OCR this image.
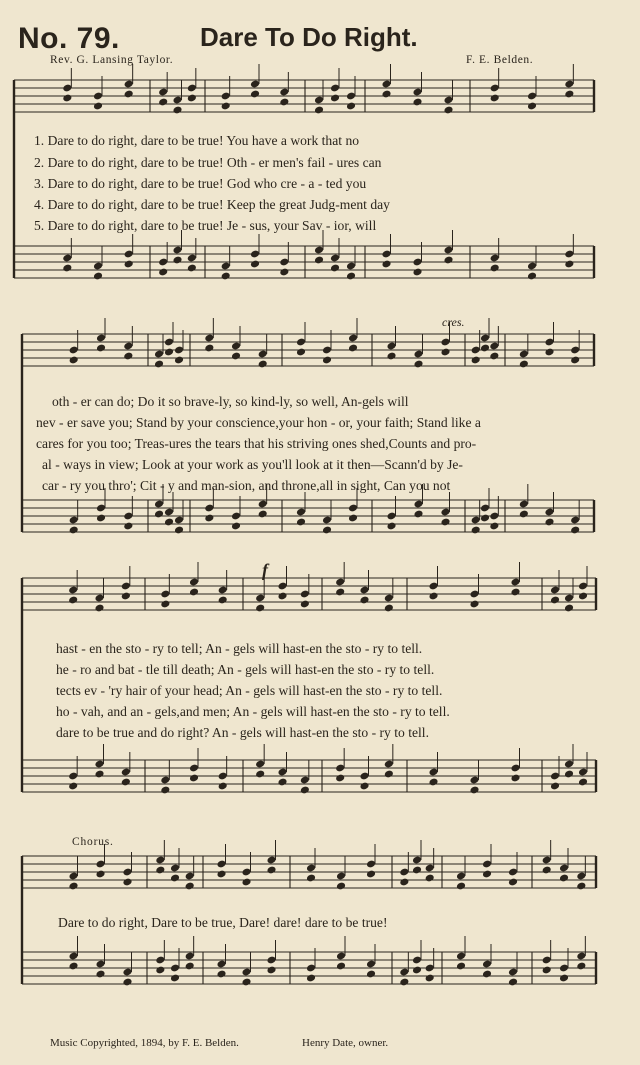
No. 79.	Dare To Do Right.
Rev. G. Lansing Taylor.	F. E. Belden.
cres.
f
Chorus.
1. Dare to do right, dare to be true! You have a work that no
2. Dare to do right, dare to be true! Oth - er men's fail - ures can
3. Dare to do right, dare to be true! God who cre - a - ted you
4. Dare to do right, dare to be true! Keep the great Judg-ment day
5. Dare to do right, dare to be true! Je - sus, your Sav - ior, will
oth - er can do; Do it so brave-ly, so kind-ly, so well, An-gels will
nev - er save you; Stand by your conscience,your hon - or, your faith; Stand like a
cares for you too; Treas-ures the tears that his striving ones shed,Counts and pro-
al - ways in view; Look at your work as you'll look at it then—Scann'd by Je-
car - ry you thro'; Cit - y and man-sion, and throne,all in sight, Can you not
hast - en the sto - ry to tell; An - gels will hast-en the sto - ry to tell.
he - ro and bat - tle till death; An - gels will hast-en the sto - ry to tell.
tects ev - 'ry hair of your head; An - gels will hast-en the sto - ry to tell.
ho - vah, and an - gels,and men; An - gels will hast-en the sto - ry to tell.
dare to be true and do right? An - gels will hast-en the sto - ry to tell.
Dare to do right, Dare to be true, Dare! dare! dare to be true!
Music Copyrighted, 1894, by F. E. Belden.	Henry Date, owner.
